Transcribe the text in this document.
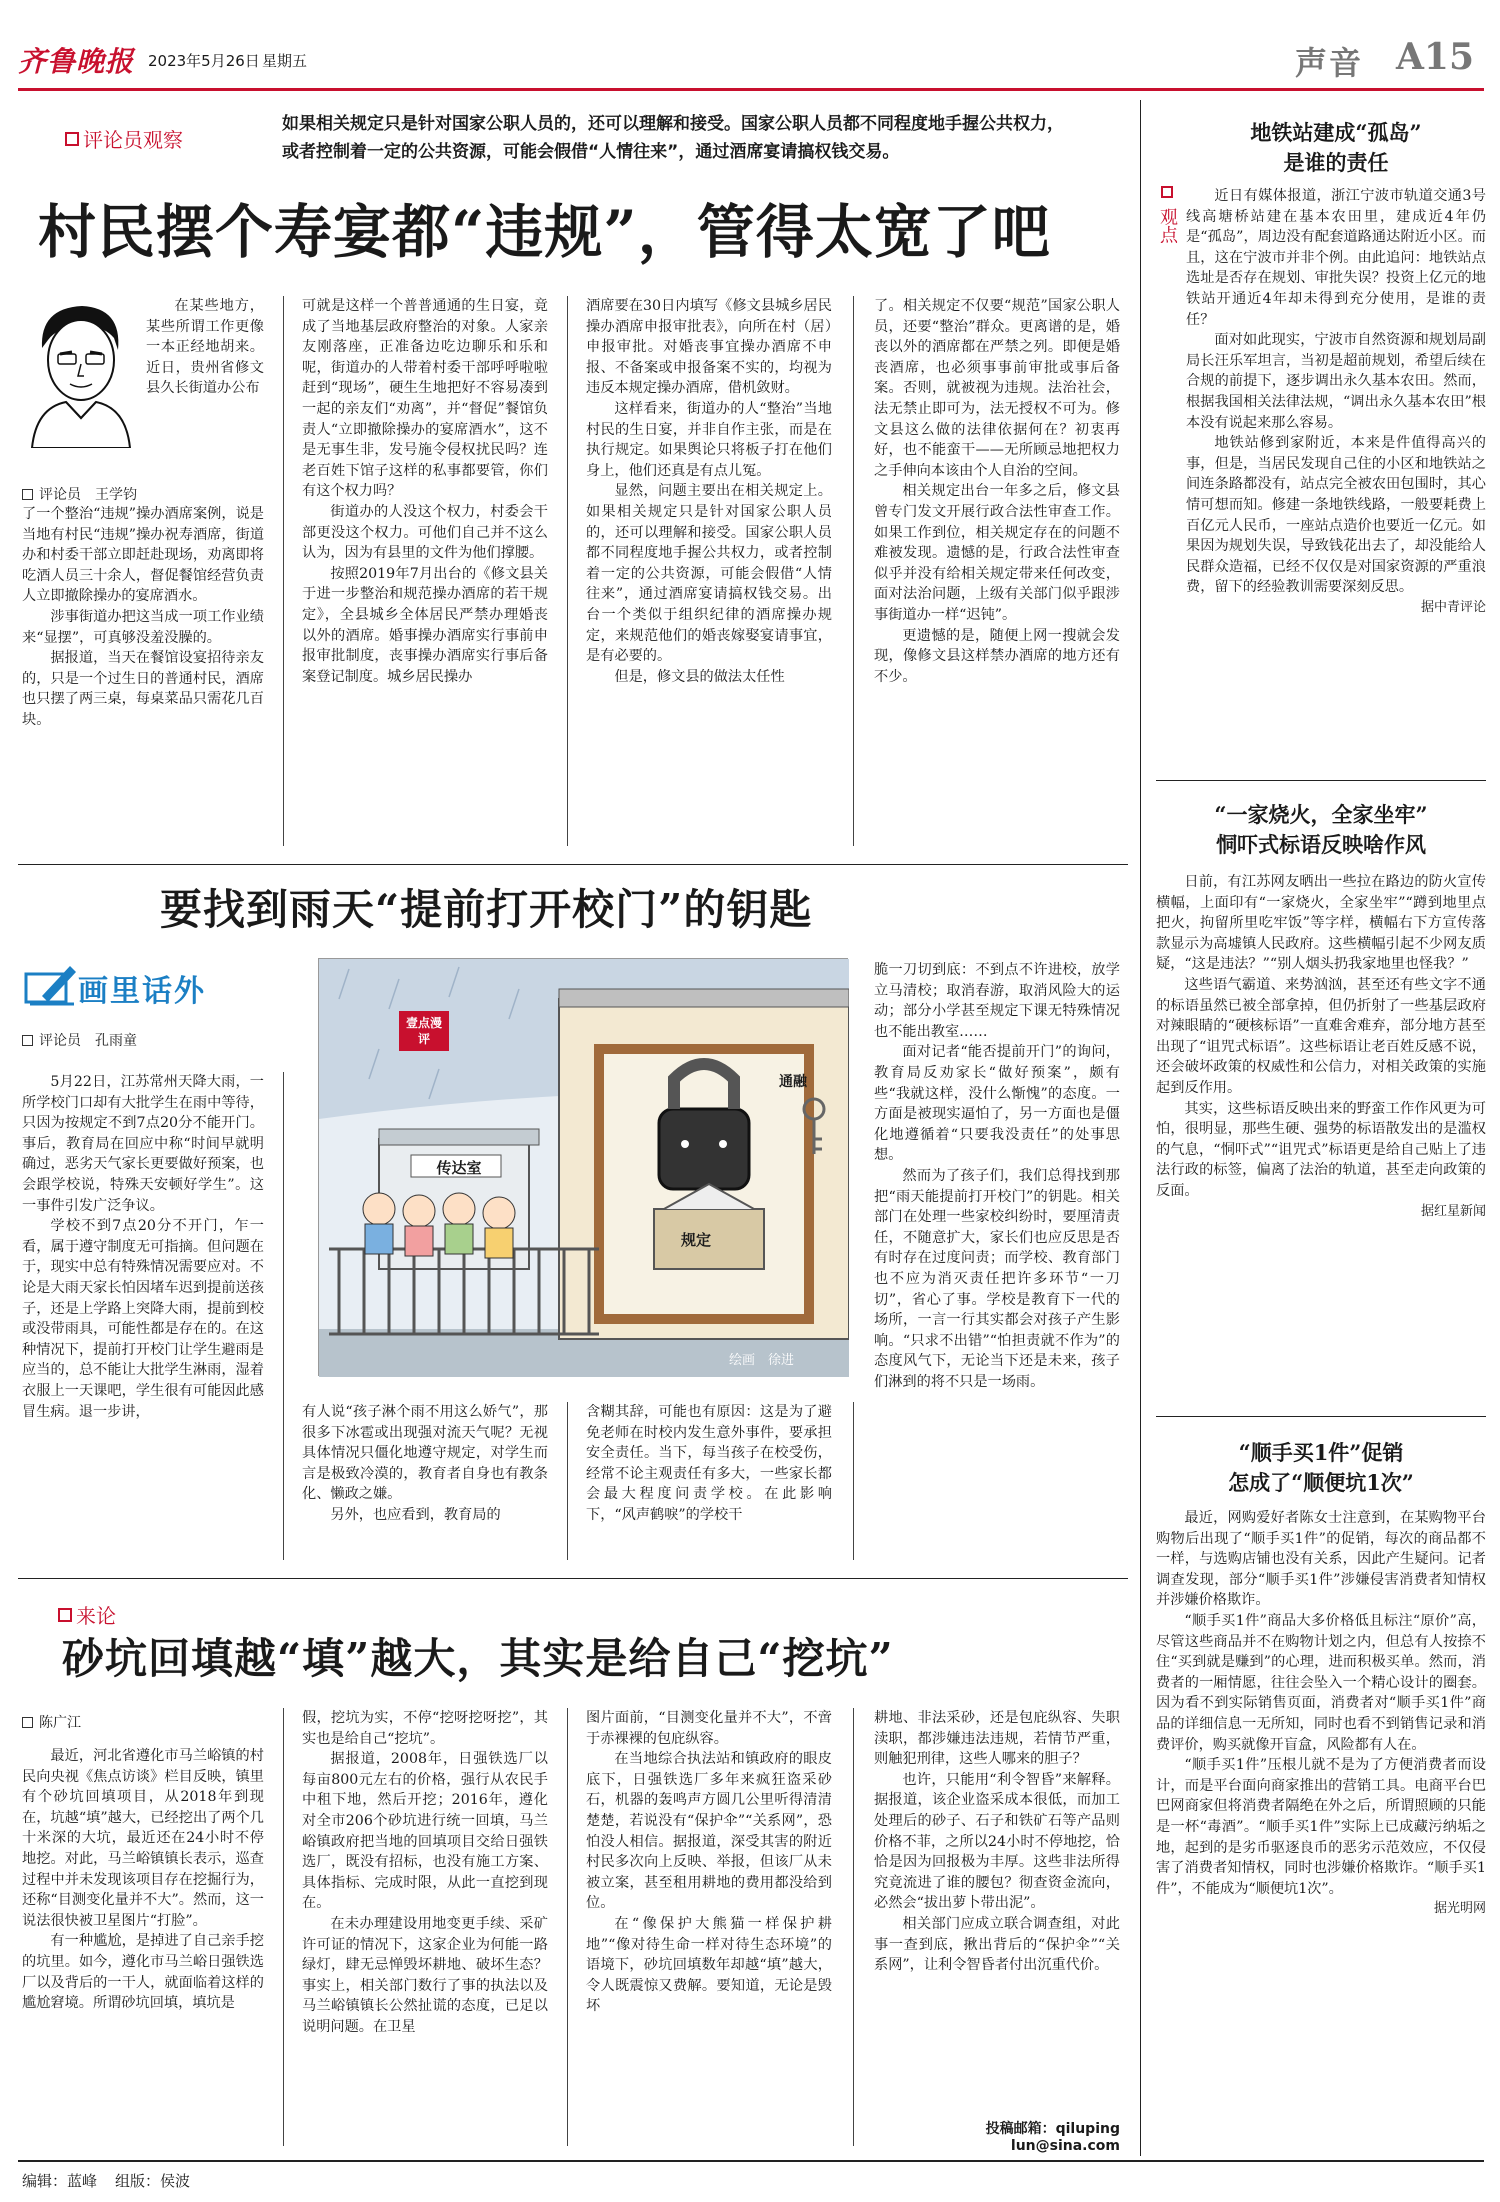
齐鲁晚报 2023年5月26日 星期五	声音 A15
评论员观察
如果相关规定只是针对国家公职人员的，还可以理解和接受。国家公职人员都不同程度地手握公共权力，或者控制着一定的公共资源，可能会假借“人情往来”，通过酒席宴请搞权钱交易。
村民摆个寿宴都“违规”，管得太宽了吧
评论员　王学钧

在某些地方，某些所谓工作更像一本正经地胡来。近日，贵州省修文县久长街道办公布

了一个整治“违规”操办酒席案例，说是当地有村民“违规”操办祝寿酒席，街道办和村委干部立即赶赴现场，劝离即将吃酒人员三十余人，督促餐馆经营负责人立即撤除操办的宴席酒水。

涉事街道办把这当成一项工作业绩来“显摆”，可真够没羞没臊的。

据报道，当天在餐馆设宴招待亲友的，只是一个过生日的普通村民，酒席也只摆了两三桌，每桌菜品只需花几百块。

可就是这样一个普普通通的生日宴，竟成了当地基层政府整治的对象。人家亲友刚落座，正准备边吃边聊乐和乐和呢，街道办的人带着村委干部呼呼啦啦赶到“现场”，硬生生地把好不容易凑到一起的亲友们“劝离”，并“督促”餐馆负责人“立即撤除操办的宴席酒水”，这不是无事生非，发号施令侵权扰民吗？连老百姓下馆子这样的私事都要管，你们有这个权力吗？

街道办的人没这个权力，村委会干部更没这个权力。可他们自己并不这么认为，因为有县里的文件为他们撑腰。

按照2019年7月出台的《修文县关于进一步整治和规范操办酒席的若干规定》，全县城乡全体居民严禁办理婚丧以外的酒席。婚事操办酒席实行事前申报审批制度，丧事操办酒席实行事后备案登记制度。城乡居民操办

酒席要在30日内填写《修文县城乡居民操办酒席申报审批表》，向所在村（居）申报审批。对婚丧事宜操办酒席不申报、不备案或申报备案不实的，均视为违反本规定操办酒席，借机敛财。

这样看来，街道办的人“整治”当地村民的生日宴，并非自作主张，而是在执行规定。如果舆论只将板子打在他们身上，他们还真是有点儿冤。

显然，问题主要出在相关规定上。如果相关规定只是针对国家公职人员的，还可以理解和接受。国家公职人员都不同程度地手握公共权力，或者控制着一定的公共资源，可能会假借“人情往来”，通过酒席宴请搞权钱交易。出台一个类似于组织纪律的酒席操办规定，来规范他们的婚丧嫁娶宴请事宜，是有必要的。

但是，修文县的做法太任性

了。相关规定不仅要“规范”国家公职人员，还要“整治”群众。更离谱的是，婚丧以外的酒席都在严禁之列。即便是婚丧酒席，也必须事事前审批或事后备案。否则，就被视为违规。法治社会，法无禁止即可为，法无授权不可为。修文县这么做的法律依据何在？初衷再好，也不能蛮干——无所顾忌地把权力之手伸向本该由个人自治的空间。

相关规定出台一年多之后，修文县曾专门发文开展行政合法性审查工作。如果工作到位，相关规定存在的问题不难被发现。遗憾的是，行政合法性审查似乎并没有给相关规定带来任何改变，面对法治问题，上级有关部门似乎跟涉事街道办一样“迟钝”。

更遗憾的是，随便上网一搜就会发现，像修文县这样禁办酒席的地方还有不少。

要找到雨天“提前打开校门”的钥匙
画里话外
评论员　孔雨童

5月22日，江苏常州天降大雨，一所学校门口却有大批学生在雨中等待，只因为按规定不到7点20分不能开门。事后，教育局在回应中称“时间早就明确过，恶劣天气家长更要做好预案，也会跟学校说，特殊天安顿好学生”。这一事件引发广泛争议。

学校不到7点20分不开门，乍一看，属于遵守制度无可指摘。但问题在于，现实中总有特殊情况需要应对。不论是大雨天家长怕因堵车迟到提前送孩子，还是上学路上突降大雨，提前到校或没带雨具，可能性都是存在的。在这种情况下，提前打开校门让学生避雨是应当的，总不能让大批学生淋雨，湿着衣服上一天课吧，学生很有可能因此感冒生病。退一步讲，

壹点漫评
传达室
通融
规定
绘画　徐进

有人说“孩子淋个雨不用这么娇气”，那很多下冰雹或出现强对流天气呢？无视具体情况只僵化地遵守规定，对学生而言是极致冷漠的，教育者自身也有教条化、懒政之嫌。

另外，也应看到，教育局的

含糊其辞，可能也有原因：这是为了避免老师在时校内发生意外事件，要承担安全责任。当下，每当孩子在校受伤，经常不论主观责任有多大，一些家长都会最大程度问责学校。在此影响下，“风声鹤唳”的学校干

脆一刀切到底：不到点不许进校，放学立马清校；取消春游，取消风险大的运动；部分小学甚至规定下课无特殊情况也不能出教室……

面对记者“能否提前开门”的询问，教育局反劝家长“做好预案”，颇有些“我就这样，没什么惭愧”的态度。一方面是被现实逼怕了，另一方面也是僵化地遵循着“只要我没责任”的处事思想。

然而为了孩子们，我们总得找到那把“雨天能提前打开校门”的钥匙。相关部门在处理一些家校纠纷时，要厘清责任，不随意扩大，家长们也应反思是否有时存在过度问责；而学校、教育部门也不应为消灭责任把许多环节“一刀切”，省心了事。学校是教育下一代的场所，一言一行其实都会对孩子产生影响。“只求不出错”“怕担责就不作为”的态度风气下，无论当下还是未来，孩子们淋到的将不只是一场雨。

来论
砂坑回填越“填”越大，其实是给自己“挖坑”
陈广江

最近，河北省遵化市马兰峪镇的村民向央视《焦点访谈》栏目反映，镇里有个砂坑回填项目，从2018年到现在，坑越“填”越大，已经挖出了两个几十米深的大坑，最近还在24小时不停地挖。对此，马兰峪镇镇长表示，巡查过程中并未发现该项目存在挖掘行为，还称“目测变化量并不大”。然而，这一说法很快被卫星图片“打脸”。

有一种尴尬，是掉进了自己亲手挖的坑里。如今，遵化市马兰峪日强铁选厂以及背后的一干人，就面临着这样的尴尬窘境。所谓砂坑回填，填坑是

假，挖坑为实，不停“挖呀挖呀挖”，其实也是给自己“挖坑”。

据报道，2008年，日强铁选厂以每亩800元左右的价格，强行从农民手中租下地，然后开挖；2016年，遵化对全市206个砂坑进行统一回填，马兰峪镇政府把当地的回填项目交给日强铁选厂，既没有招标，也没有施工方案、具体指标、完成时限，从此一直挖到现在。

在未办理建设用地变更手续、采矿许可证的情况下，这家企业为何能一路绿灯，肆无忌惮毁坏耕地、破坏生态？事实上，相关部门数行了事的执法以及马兰峪镇镇长公然扯谎的态度，已足以说明问题。在卫星

图片面前，“目测变化量并不大”，不啻于赤裸裸的包庇纵容。

在当地综合执法站和镇政府的眼皮底下，日强铁选厂多年来疯狂盗采砂石，机器的轰鸣声方圆几公里听得清清楚楚，若说没有“保护伞”“关系网”，恐怕没人相信。据报道，深受其害的附近村民多次向上反映、举报，但该厂从未被立案，甚至租用耕地的费用都没给到位。

在“像保护大熊猫一样保护耕地”“像对待生命一样对待生态环境”的语境下，砂坑回填数年却越“填”越大，令人既震惊又费解。要知道，无论是毁坏

耕地、非法采砂，还是包庇纵容、失职渎职，都涉嫌违法违规，若情节严重，则触犯刑律，这些人哪来的胆子？

也许，只能用“利令智昏”来解释。据报道，该企业盗采成本很低，而加工处理后的砂子、石子和铁矿石等产品则价格不菲，之所以24小时不停地挖，恰恰是因为回报极为丰厚。这些非法所得究竟流进了谁的腰包？彻查资金流向，必然会“拔出萝卜带出泥”。

相关部门应成立联合调查组，对此事一查到底，揪出背后的“保护伞”“关系网”，让利令智昏者付出沉重代价。

投稿邮箱：qiluping lun@sina.com
观点
地铁站建成“孤岛”
是谁的责任

近日有媒体报道，浙江宁波市轨道交通3号线高塘桥站建在基本农田里，建成近4年仍是“孤岛”，周边没有配套道路通达附近小区。而且，这在宁波市并非个例。由此追问：地铁站点选址是否存在规划、审批失误？投资上亿元的地铁站开通近4年却未得到充分使用，是谁的责任？

面对如此现实，宁波市自然资源和规划局副局长汪乐军坦言，当初是超前规划，希望后续在合规的前提下，逐步调出永久基本农田。然而，根据我国相关法律法规，“调出永久基本农田”根本没有说起来那么容易。

地铁站修到家附近，本来是件值得高兴的事，但是，当居民发现自己住的小区和地铁站之间连条路都没有，站点完全被农田包围时，其心情可想而知。修建一条地铁线路，一般要耗费上百亿元人民币，一座站点造价也要近一亿元。如果因为规划失误，导致钱花出去了，却没能给人民群众造福，已经不仅仅是对国家资源的严重浪费，留下的经验教训需要深刻反思。

据中青评论
“一家烧火，全家坐牢”
恫吓式标语反映啥作风

日前，有江苏网友晒出一些拉在路边的防火宣传横幅，上面印有“一家烧火，全家坐牢”“蹲到地里点把火，拘留所里吃牢饭”等字样，横幅右下方宣传落款显示为高墟镇人民政府。这些横幅引起不少网友质疑，“这是违法？”“别人烟头扔我家地里也怪我？”

这些语气霸道、来势汹汹，甚至还有些文字不通的标语虽然已被全部拿掉，但仍折射了一些基层政府对辣眼睛的“硬核标语”一直难舍难弃，部分地方甚至出现了“诅咒式标语”。这些标语让老百姓反感不说，还会破坏政策的权威性和公信力，对相关政策的实施起到反作用。

其实，这些标语反映出来的野蛮工作作风更为可怕，很明显，那些生硬、强势的标语散发出的是滥权的气息，“恫吓式”“诅咒式”标语更是给自己贴上了违法行政的标签，偏离了法治的轨道，甚至走向政策的反面。

据红星新闻
“顺手买1件”促销
怎成了“顺便坑1次”

最近，网购爱好者陈女士注意到，在某购物平台购物后出现了“顺手买1件”的促销，每次的商品都不一样，与选购店铺也没有关系，因此产生疑问。记者调查发现，部分“顺手买1件”涉嫌侵害消费者知情权并涉嫌价格欺诈。

“顺手买1件”商品大多价格低且标注“原价”高，尽管这些商品并不在购物计划之内，但总有人按捺不住“买到就是赚到”的心理，进而积极买单。然而，消费者的一厢情愿，往往会坠入一个精心设计的圈套。因为看不到实际销售页面，消费者对“顺手买1件”商品的详细信息一无所知，同时也看不到销售记录和消费评价，购买就像开盲盒，风险都有人在。

“顺手买1件”压根儿就不是为了方便消费者而设计，而是平台面向商家推出的营销工具。电商平台巴巴网商家但将消费者隔绝在外之后，所谓照顾的只能是一杯“毒酒”。“顺手买1件”实际上已成藏污纳垢之地，起到的是劣币驱逐良币的恶劣示范效应，不仅侵害了消费者知情权，同时也涉嫌价格欺诈。“顺手买1件”，不能成为“顺便坑1次”。

据光明网
编辑：蓝峰 组版：侯波
